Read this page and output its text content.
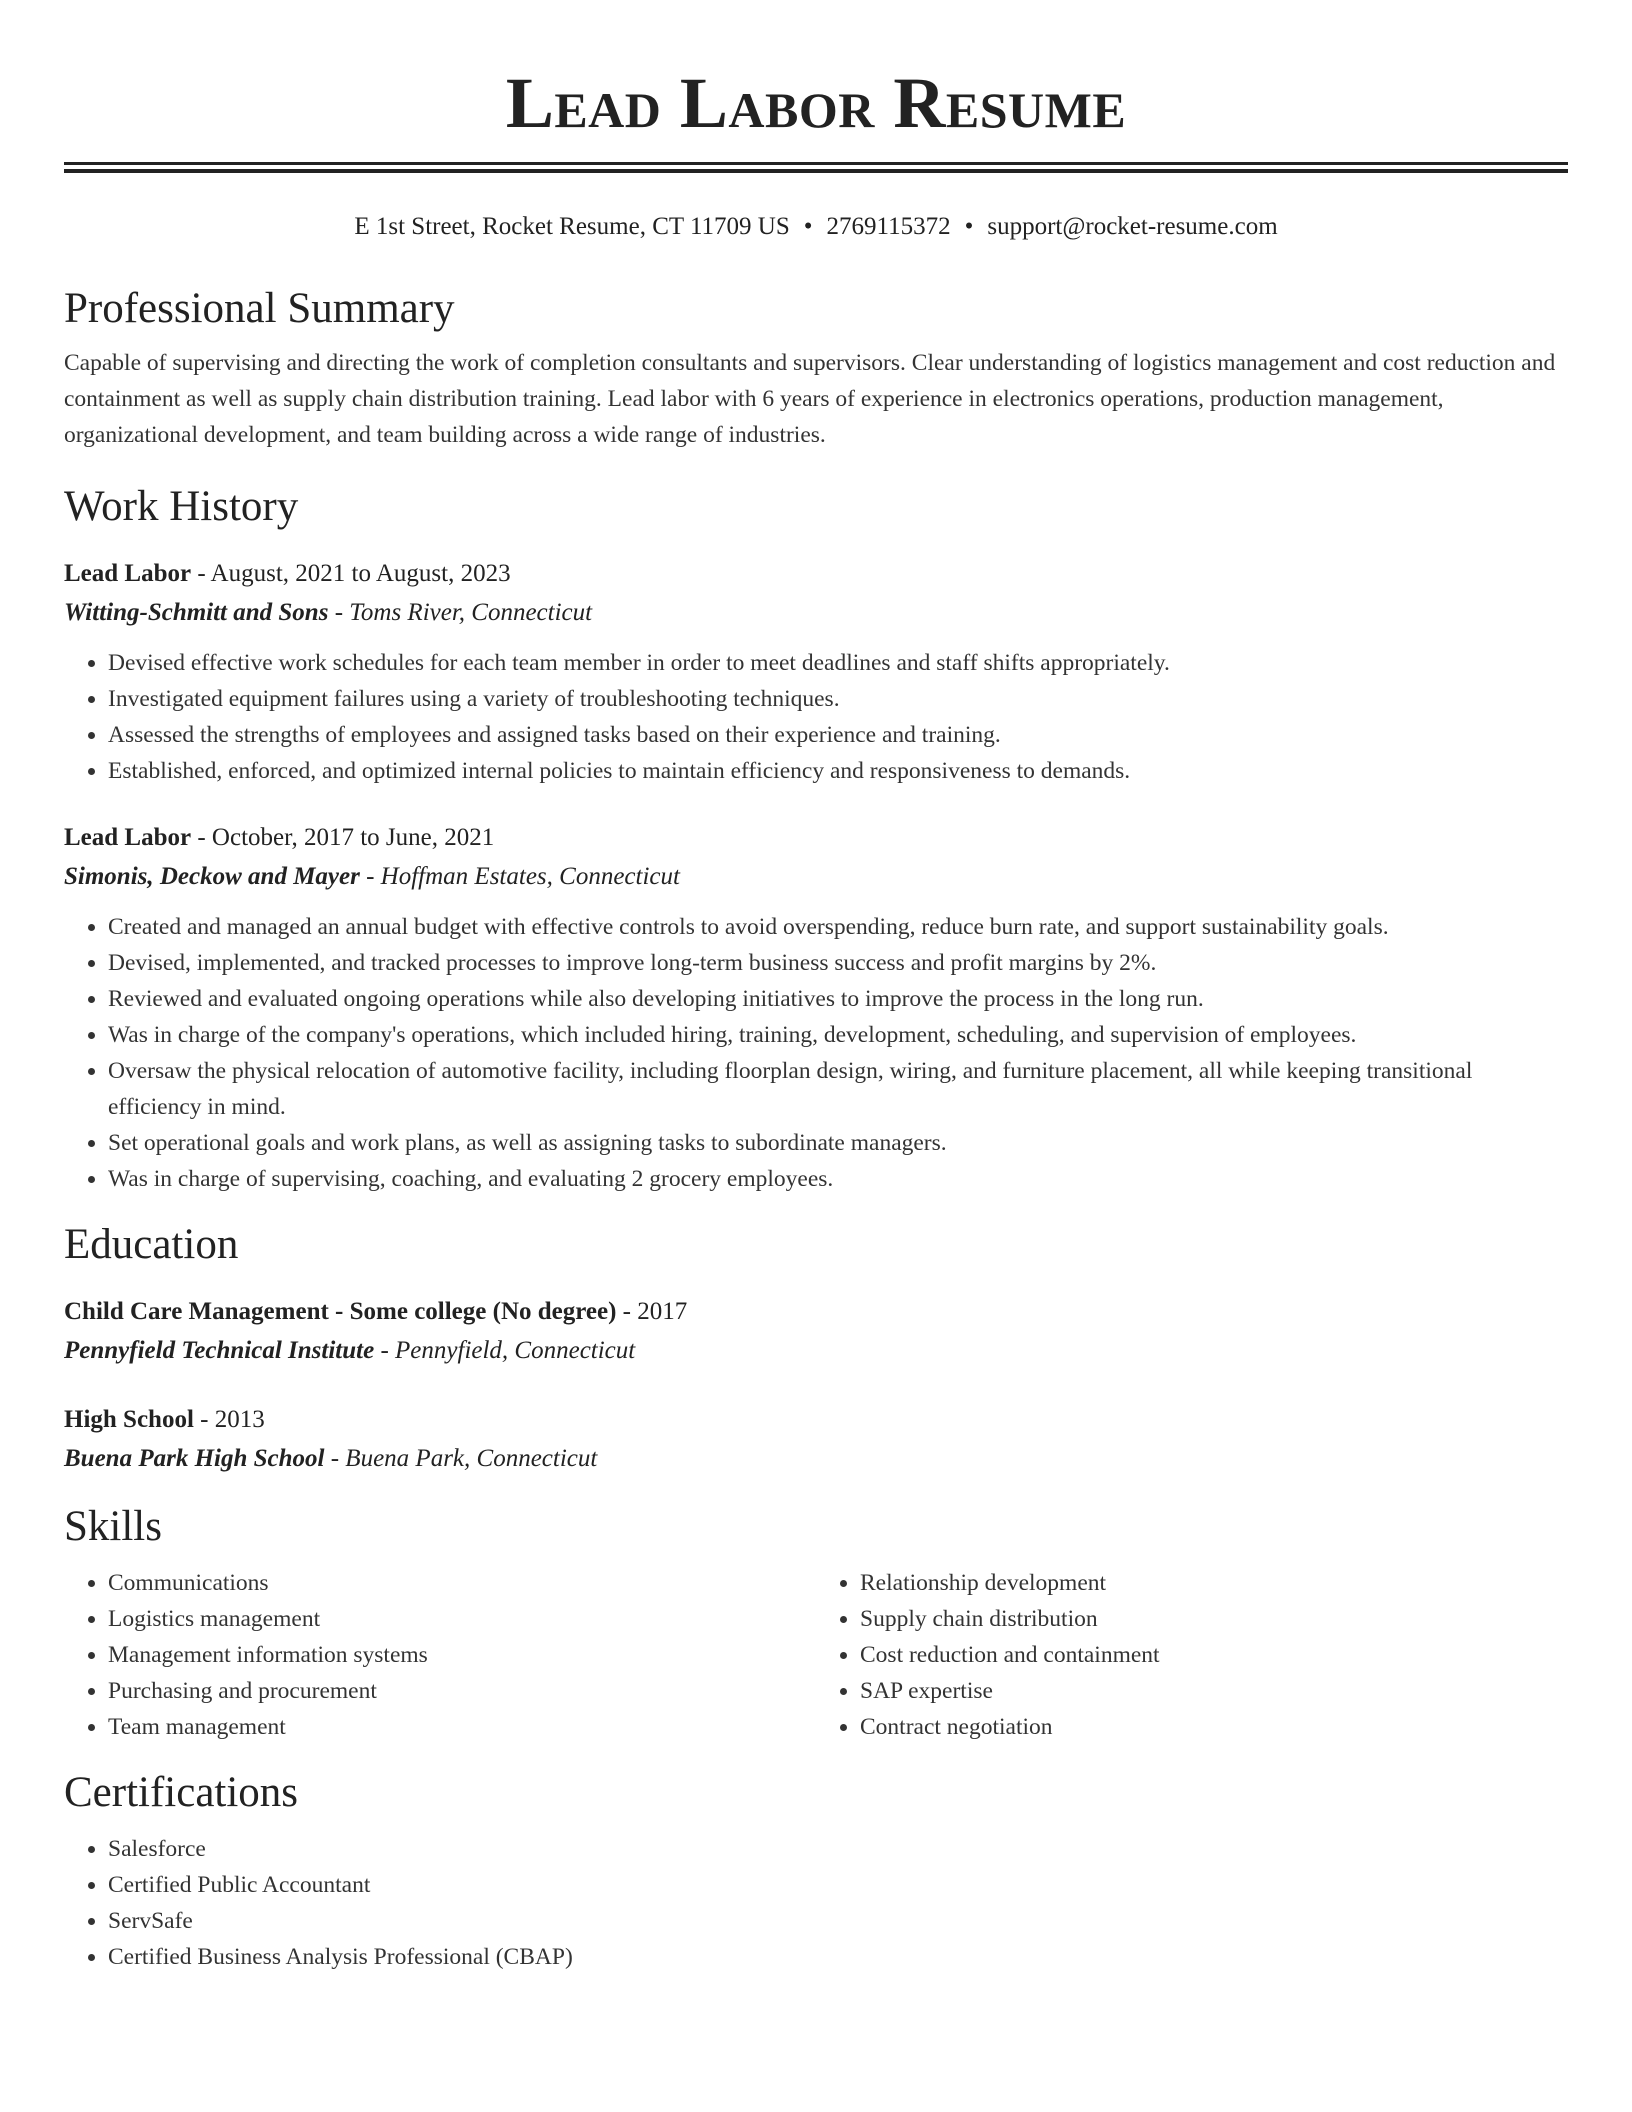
Lead Labor Resume
E 1st Street, Rocket Resume, CT 11709 US • 2769115372 • support@rocket-resume.com
Professional Summary

Capable of supervising and directing the work of completion consultants and supervisors. Clear understanding of logistics management and cost reduction and containment as well as supply chain distribution training. Lead labor with 6 years of experience in electronics operations, production management, organizational development, and team building across a wide range of industries.

Work History
Lead Labor - August, 2021 to August, 2023
Witting-Schmitt and Sons - Toms River, Connecticut
• Devised effective work schedules for each team member in order to meet deadlines and staff shifts appropriately.
• Investigated equipment failures using a variety of troubleshooting techniques.
• Assessed the strengths of employees and assigned tasks based on their experience and training.
• Established, enforced, and optimized internal policies to maintain efficiency and responsiveness to demands.
Lead Labor - October, 2017 to June, 2021
Simonis, Deckow and Mayer - Hoffman Estates, Connecticut
• Created and managed an annual budget with effective controls to avoid overspending, reduce burn rate, and support sustainability goals.
• Devised, implemented, and tracked processes to improve long-term business success and profit margins by 2%.
• Reviewed and evaluated ongoing operations while also developing initiatives to improve the process in the long run.
• Was in charge of the company's operations, which included hiring, training, development, scheduling, and supervision of employees.
• Oversaw the physical relocation of automotive facility, including floorplan design, wiring, and furniture placement, all while keeping transitional efficiency in mind.
• Set operational goals and work plans, as well as assigning tasks to subordinate managers.
• Was in charge of supervising, coaching, and evaluating 2 grocery employees.
Education
Child Care Management - Some college (No degree) - 2017
Pennyfield Technical Institute - Pennyfield, Connecticut
High School - 2013
Buena Park High School - Buena Park, Connecticut
Skills
• Communications
• Logistics management
• Management information systems
• Purchasing and procurement
• Team management
• Relationship development
• Supply chain distribution
• Cost reduction and containment
• SAP expertise
• Contract negotiation
Certifications
• Salesforce
• Certified Public Accountant
• ServSafe
• Certified Business Analysis Professional (CBAP)
